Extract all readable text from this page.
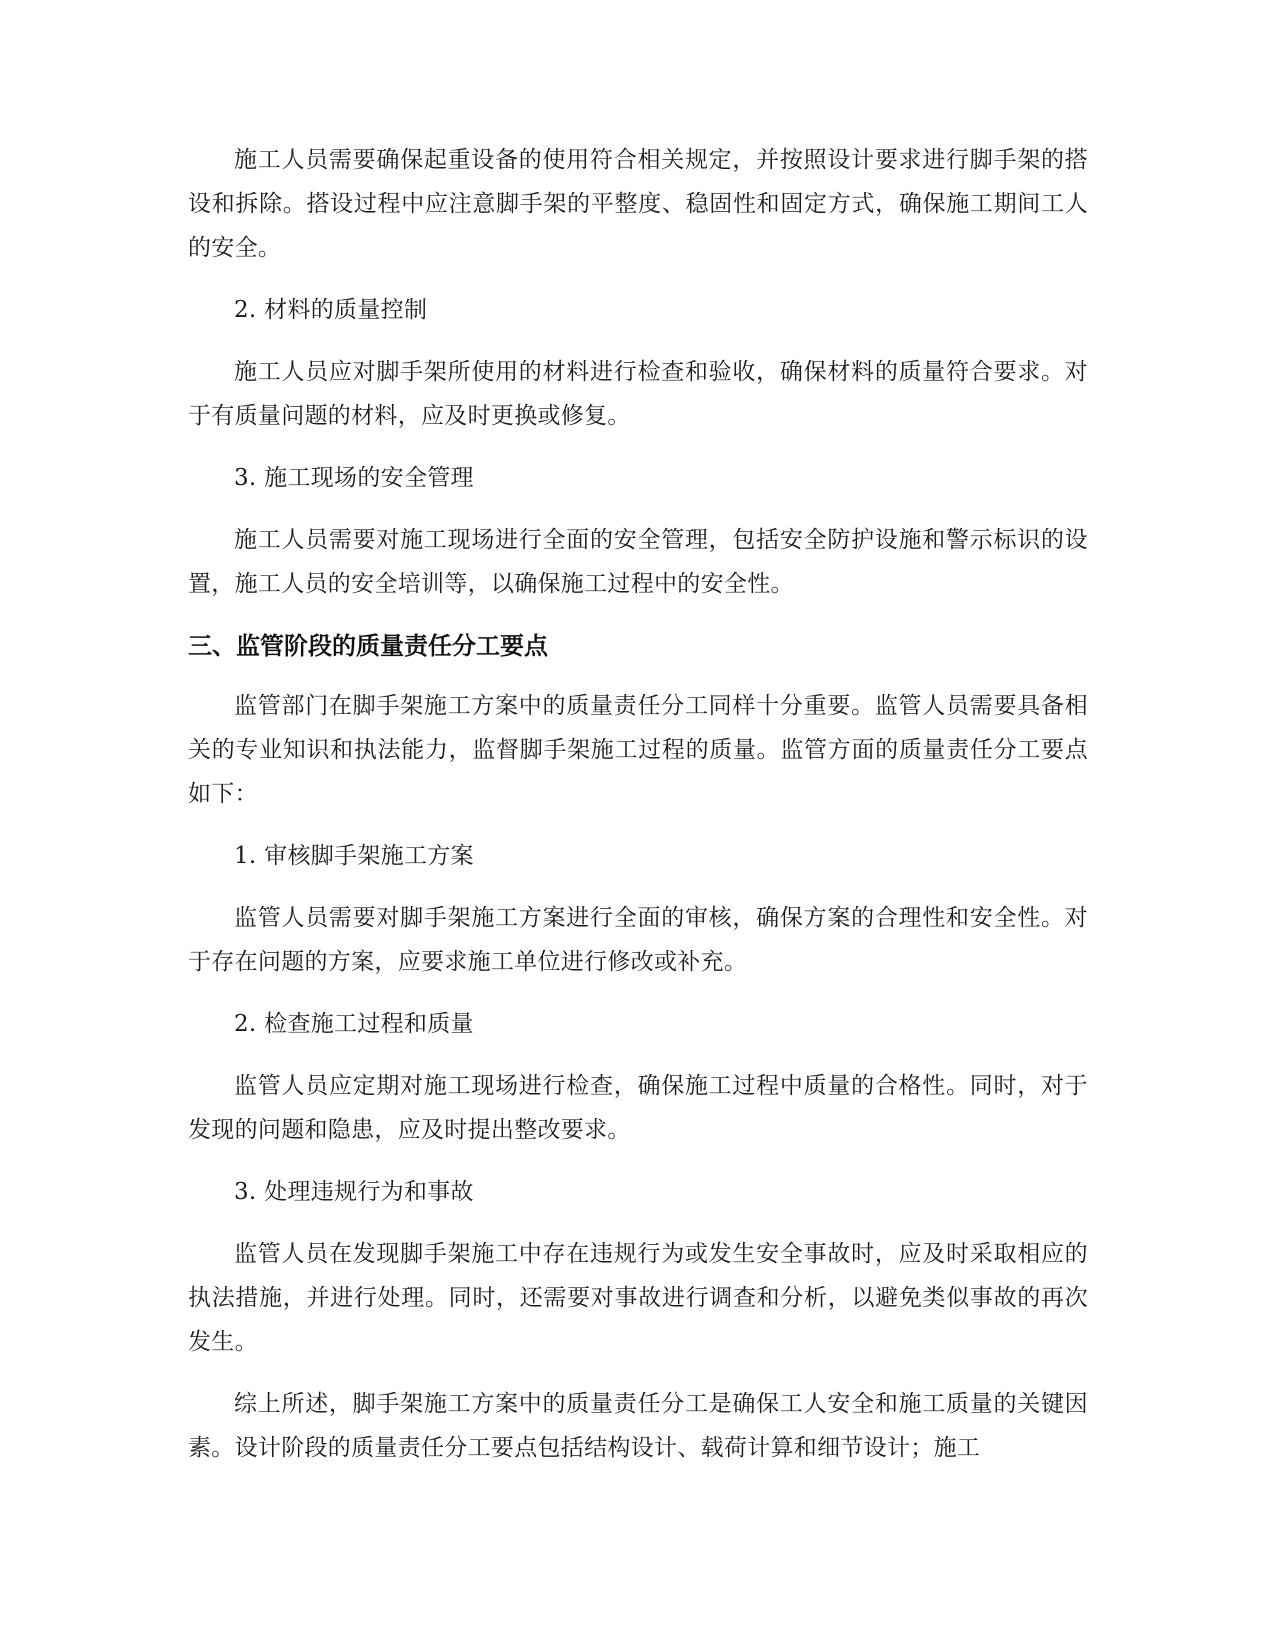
施工人员需要确保起重设备的使用符合相关规定，并按照设计要求进行脚手架的搭设和拆除。搭设过程中应注意脚手架的平整度、稳固性和固定方式，确保施工期间工人的安全。

2. 材料的质量控制

施工人员应对脚手架所使用的材料进行检查和验收，确保材料的质量符合要求。对于有质量问题的材料，应及时更换或修复。

3. 施工现场的安全管理

施工人员需要对施工现场进行全面的安全管理，包括安全防护设施和警示标识的设置，施工人员的安全培训等，以确保施工过程中的安全性。

三、监管阶段的质量责任分工要点

监管部门在脚手架施工方案中的质量责任分工同样十分重要。监管人员需要具备相关的专业知识和执法能力，监督脚手架施工过程的质量。监管方面的质量责任分工要点如下：

1. 审核脚手架施工方案

监管人员需要对脚手架施工方案进行全面的审核，确保方案的合理性和安全性。对于存在问题的方案，应要求施工单位进行修改或补充。

2. 检查施工过程和质量

监管人员应定期对施工现场进行检查，确保施工过程中质量的合格性。同时，对于发现的问题和隐患，应及时提出整改要求。

3. 处理违规行为和事故

监管人员在发现脚手架施工中存在违规行为或发生安全事故时，应及时采取相应的执法措施，并进行处理。同时，还需要对事故进行调查和分析，以避免类似事故的再次发生。

综上所述，脚手架施工方案中的质量责任分工是确保工人安全和施工质量的关键因素。设计阶段的质量责任分工要点包括结构设计、载荷计算和细节设计；施工
